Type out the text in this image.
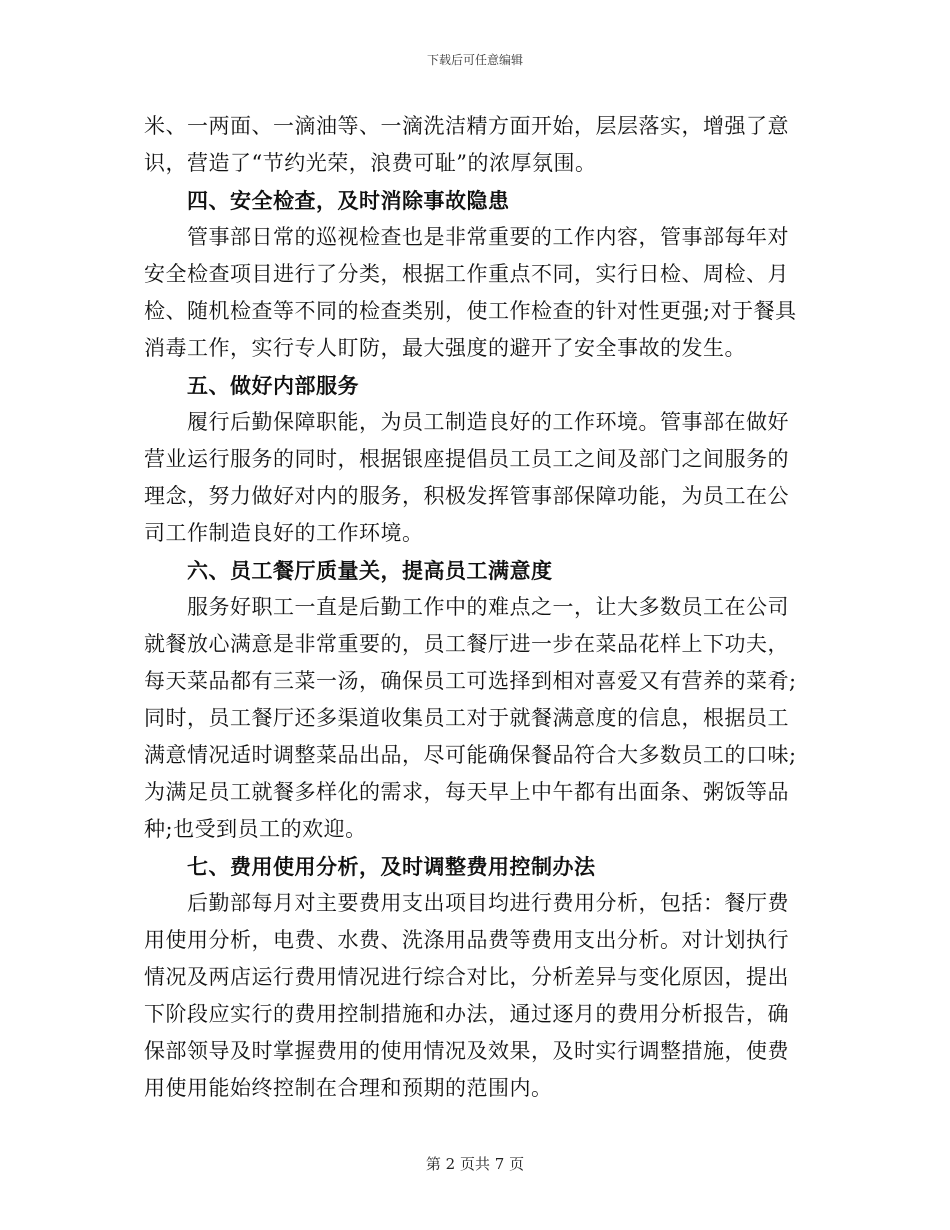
下载后可任意编辑
米、一两面、一滴油等、一滴洗洁精方面开始，层层落实，增强了意
识，营造了“节约光荣，浪费可耻”的浓厚氛围。
四、安全检查，及时消除事故隐患
管事部日常的巡视检查也是非常重要的工作内容，管事部每年对
安全检查项目进行了分类，根据工作重点不同，实行日检、周检、月
检、随机检查等不同的检查类别，使工作检查的针对性更强;对于餐具
消毒工作，实行专人盯防，最大强度的避开了安全事故的发生。
五、做好内部服务
履行后勤保障职能，为员工制造良好的工作环境。管事部在做好
营业运行服务的同时，根据银座提倡员工员工之间及部门之间服务的
理念，努力做好对内的服务，积极发挥管事部保障功能，为员工在公
司工作制造良好的工作环境。
六、员工餐厅质量关，提高员工满意度
服务好职工一直是后勤工作中的难点之一，让大多数员工在公司
就餐放心满意是非常重要的，员工餐厅进一步在菜品花样上下功夫，
每天菜品都有三菜一汤，确保员工可选择到相对喜爱又有营养的菜肴;
同时，员工餐厅还多渠道收集员工对于就餐满意度的信息，根据员工
满意情况适时调整菜品出品，尽可能确保餐品符合大多数员工的口味;
为满足员工就餐多样化的需求，每天早上中午都有出面条、粥饭等品
种;也受到员工的欢迎。
七、费用使用分析，及时调整费用控制办法
后勤部每月对主要费用支出项目均进行费用分析，包括：餐厅费
用使用分析，电费、水费、洗涤用品费等费用支出分析。对计划执行
情况及两店运行费用情况进行综合对比，分析差异与变化原因，提出
下阶段应实行的费用控制措施和办法，通过逐月的费用分析报告，确
保部领导及时掌握费用的使用情况及效果，及时实行调整措施，使费
用使用能始终控制在合理和预期的范围内。
第 2 页共 7 页
